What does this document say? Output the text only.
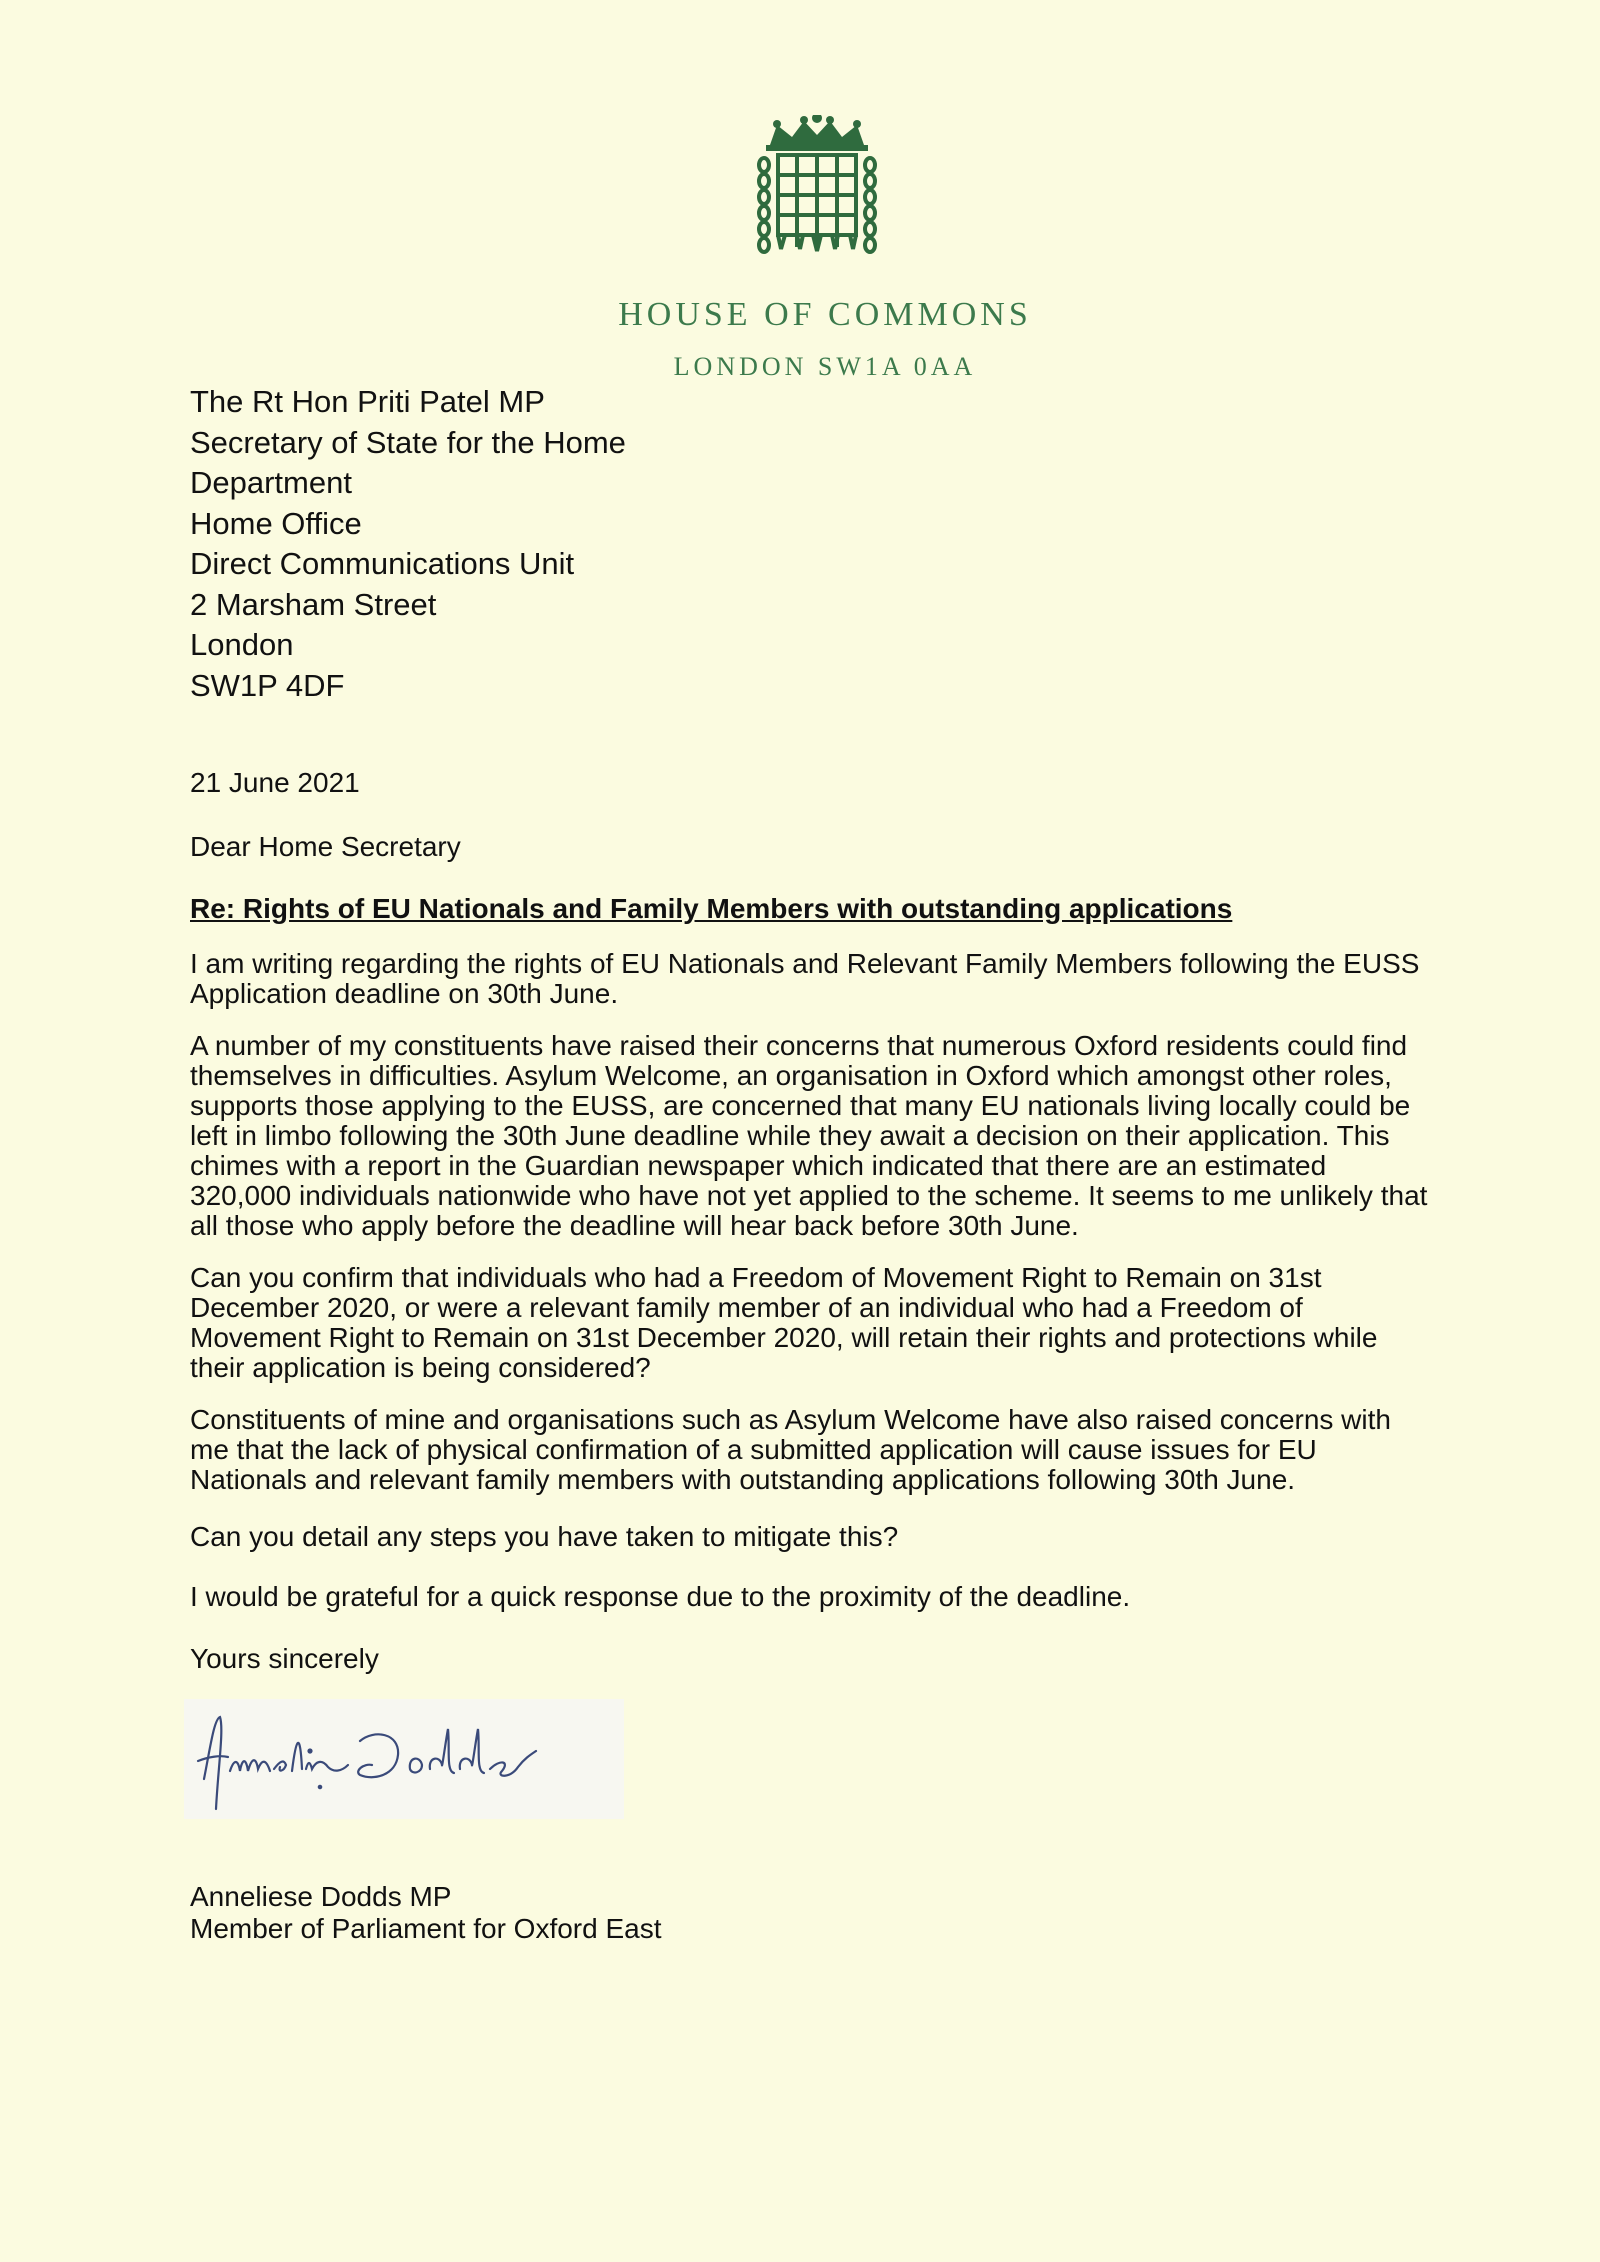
HOUSE OF COMMONS
LONDON SW1A 0AA
The Rt Hon Priti Patel MP
Secretary of State for the Home
Department
Home Office
Direct Communications Unit
2 Marsham Street
London
SW1P 4DF
21 June 2021
Dear Home Secretary
Re: Rights of EU Nationals and Family Members with outstanding applications
I am writing regarding the rights of EU Nationals and Relevant Family Members following the EUSS Application deadline on 30th June.
A number of my constituents have raised their concerns that numerous Oxford residents could find themselves in difficulties. Asylum Welcome, an organisation in Oxford which amongst other roles, supports those applying to the EUSS, are concerned that many EU nationals living locally could be left in limbo following the 30th June deadline while they await a decision on their application. This chimes with a report in the Guardian newspaper which indicated that there are an estimated 320,000 individuals nationwide who have not yet applied to the scheme. It seems to me unlikely that all those who apply before the deadline will hear back before 30th June.
Can you confirm that individuals who had a Freedom of Movement Right to Remain on 31st December 2020, or were a relevant family member of an individual who had a Freedom of Movement Right to Remain on 31st December 2020, will retain their rights and protections while their application is being considered?
Constituents of mine and organisations such as Asylum Welcome have also raised concerns with me that the lack of physical confirmation of a submitted application will cause issues for EU Nationals and relevant family members with outstanding applications following 30th June.
Can you detail any steps you have taken to mitigate this?
I would be grateful for a quick response due to the proximity of the deadline.
Yours sincerely
Anneliese Dodds MP
Member of Parliament for Oxford East
